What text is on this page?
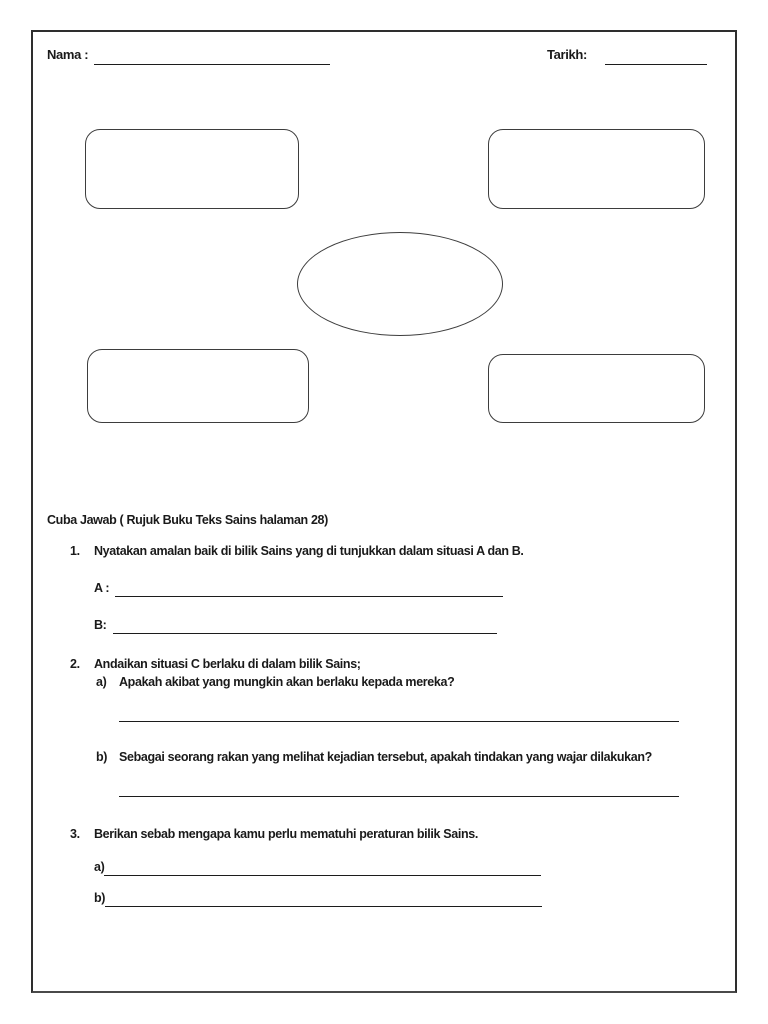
Nama :	Tarikh:
Cuba Jawab ( Rujuk Buku Teks Sains halaman 28)
1.	Nyatakan amalan baik di bilik Sains yang di tunjukkan dalam situasi A dan B.
A :
B:
2.	Andaikan situasi C berlaku di dalam bilik Sains;
a)	Apakah akibat yang mungkin akan berlaku kepada mereka?
b) Sebagai seorang rakan yang melihat kejadian tersebut, apakah tindakan yang wajar dilakukan?
3.	Berikan sebab mengapa kamu perlu mematuhi peraturan bilik Sains.
a)
b)
